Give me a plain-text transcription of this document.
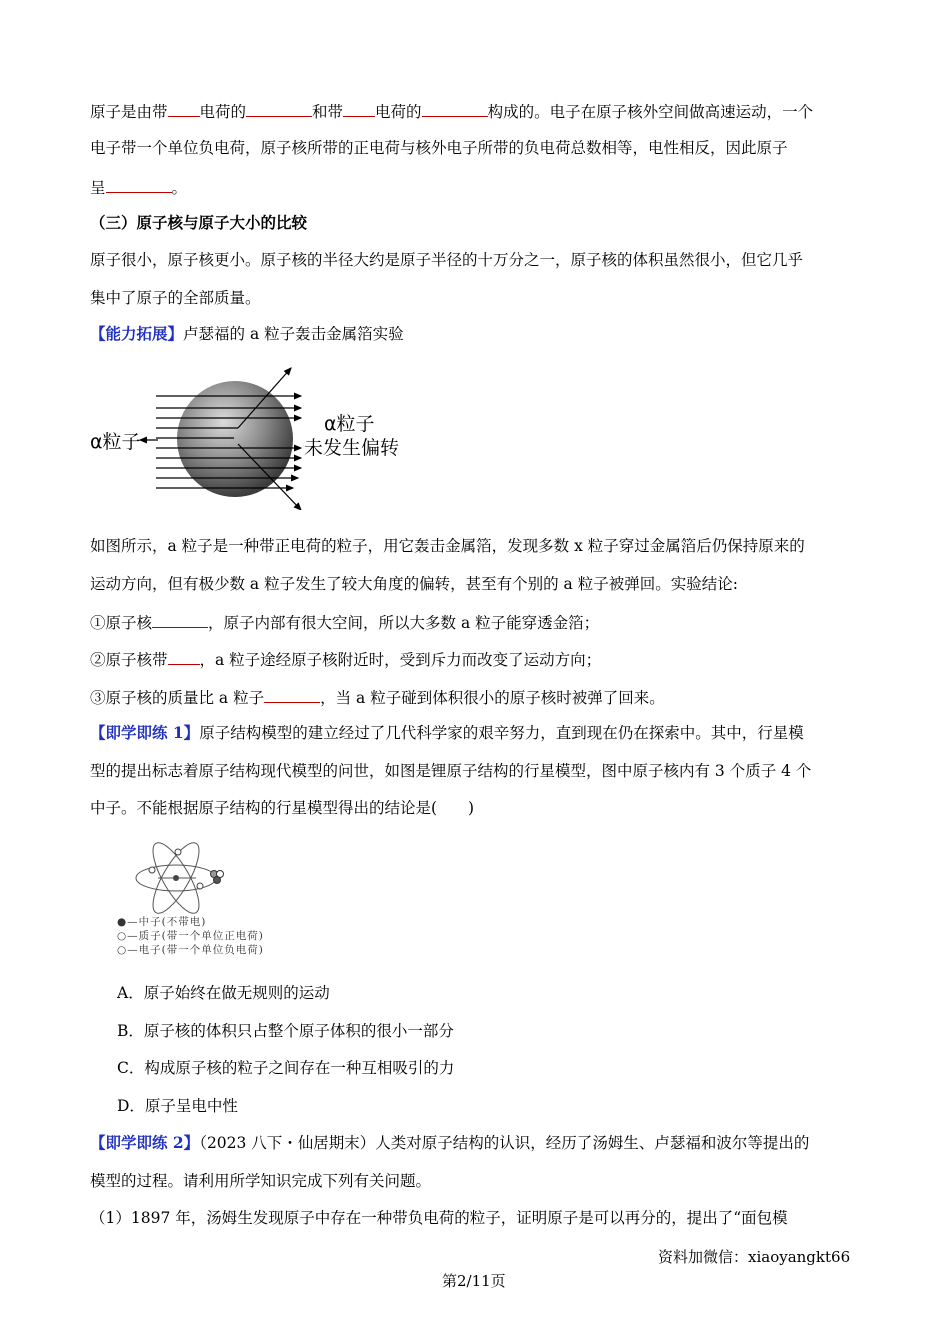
原子是由带 电荷的	和带 电荷的	构成的。电子在原子核外空间做高速运动，一个
电子带一个单位负电荷，原子核所带的正电荷与核外电子所带的负电荷总数相等，电性相反，因此原子
呈	。
（三）原子核与原子大小的比较
原子很小，原子核更小。原子核的半径大约是原子半径的十万分之一，原子核的体积虽然很小，但它几乎
集中了原子的全部质量。
【能力拓展】卢瑟福的 a 粒子轰击金属箔实验
α粒子
α粒子
未发生偏转
如图所示，a 粒子是一种带正电荷的粒子，用它轰击金属箔，发现多数 x 粒子穿过金属箔后仍保持原来的
运动方向，但有极少数 a 粒子发生了较大角度的偏转，甚至有个别的 a 粒子被弹回。实验结论:
①原子核	，原子内部有很大空间，所以大多数 a 粒子能穿透金箔；
②原子核带 ，a 粒子途经原子核附近时，受到斥力而改变了运动方向；
③原子核的质量比 a 粒子	，当 a 粒子碰到体积很小的原子核时被弹了回来。
【即学即练 1】原子结构模型的建立经过了几代科学家的艰辛努力，直到现在仍在探索中。其中，行星模
型的提出标志着原子结构现代模型的问世，如图是锂原子结构的行星模型，图中原子核内有 3 个质子 4 个
中子。不能根据原子结构的行星模型得出的结论是(　　)
●—中子(不带电)
○—质子(带一个单位正电荷)
○—电子(带一个单位负电荷)
A．原子始终在做无规则的运动
B．原子核的体积只占整个原子体积的很小一部分
C．构成原子核的粒子之间存在一种互相吸引的力
D．原子呈电中性
【即学即练 2】（2023 八下・仙居期末）人类对原子结构的认识，经历了汤姆生、卢瑟福和波尔等提出的
模型的过程。请利用所学知识完成下列有关问题。
（1）1897 年，汤姆生发现原子中存在一种带负电荷的粒子，证明原子是可以再分的，提出了“面包模
资料加微信：xiaoyangkt66
第2/11页
